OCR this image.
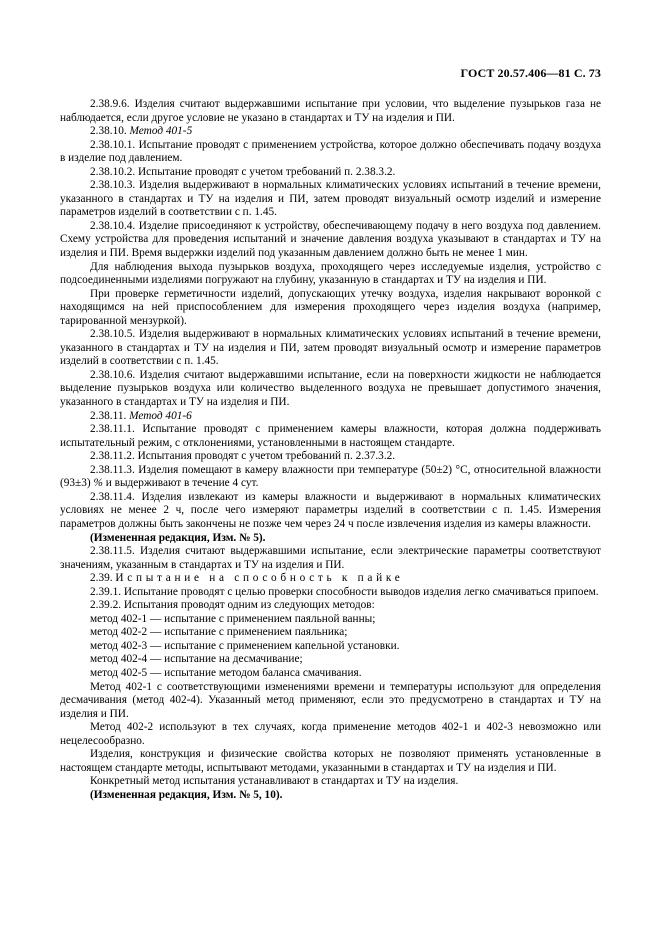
ГОСТ 20.57.406—81 С. 73

2.38.9.6. Изделия считают выдержавшими испытание при условии, что выделение пузырьков газа не наблюдается, если другое условие не указано в стандартах и ТУ на изделия и ПИ.

2.38.10. Метод 401-5

2.38.10.1. Испытание проводят с применением устройства, которое должно обеспечивать подачу воздуха в изделие под давлением.

2.38.10.2. Испытание проводят с учетом требований п. 2.38.3.2.

2.38.10.3. Изделия выдерживают в нормальных климатических условиях испытаний в течение времени, указанного в стандартах и ТУ на изделия и ПИ, затем проводят визуальный осмотр изделий и измерение параметров изделий в соответствии с п. 1.45.

2.38.10.4. Изделие присоединяют к устройству, обеспечивающему подачу в него воздуха под давлением. Схему устройства для проведения испытаний и значение давления воздуха указывают в стандартах и ТУ на изделия и ПИ. Время выдержки изделий под указанным давлением должно быть не менее 1 мин.

Для наблюдения выхода пузырьков воздуха, проходящего через исследуемые изделия, устройство с подсоединенными изделиями погружают на глубину, указанную в стандартах и ТУ на изделия и ПИ.

При проверке герметичности изделий, допускающих утечку воздуха, изделия накрывают воронкой с находящимся на ней приспособлением для измерения проходящего через изделия воздуха (например, тарированной мензуркой).

2.38.10.5. Изделия выдерживают в нормальных климатических условиях испытаний в течение времени, указанного в стандартах и ТУ на изделия и ПИ, затем проводят визуальный осмотр и измерение параметров изделий в соответствии с п. 1.45.

2.38.10.6. Изделия считают выдержавшими испытание, если на поверхности жидкости не наблюдается выделение пузырьков воздуха или количество выделенного воздуха не превышает допустимого значения, указанного в стандартах и ТУ на изделия и ПИ.

2.38.11. Метод 401-6

2.38.11.1. Испытание проводят с применением камеры влажности, которая должна поддерживать испытательный режим, с отклонениями, установленными в настоящем стандарте.

2.38.11.2. Испытания проводят с учетом требований п. 2.37.3.2.

2.38.11.3. Изделия помещают в камеру влажности при температуре (50±2) °С, относительной влажности (93±3) % и выдерживают в течение 4 сут.

2.38.11.4. Изделия извлекают из камеры влажности и выдерживают в нормальных климатических условиях не менее 2 ч, после чего измеряют параметры изделий в соответствии с п. 1.45. Измерения параметров должны быть закончены не позже чем через 24 ч после извлечения изделия из камеры влажности.

(Измененная редакция, Изм. № 5).

2.38.11.5. Изделия считают выдержавшими испытание, если электрические параметры соответствуют значениям, указанным в стандартах и ТУ на изделия и ПИ.

2.39. Испытание на способность к пайке

2.39.1. Испытание проводят с целью проверки способности выводов изделия легко смачиваться припоем.

2.39.2. Испытания проводят одним из следующих методов:

метод 402-1 — испытание с применением паяльной ванны;

метод 402-2 — испытание с применением паяльника;

метод 402-3 — испытание с применением капельной установки.

метод 402-4 — испытание на десмачивание;

метод 402-5 — испытание методом баланса смачивания.

Метод 402-1 с соответствующими изменениями времени и температуры используют для определения десмачивания (метод 402-4). Указанный метод применяют, если это предусмотрено в стандартах и ТУ на изделия и ПИ.

Метод 402-2 используют в тех случаях, когда применение методов 402-1 и 402-3 невозможно или нецелесообразно.

Изделия, конструкция и физические свойства которых не позволяют применять установленные в настоящем стандарте методы, испытывают методами, указанными в стандартах и ТУ на изделия и ПИ.

Конкретный метод испытания устанавливают в стандартах и ТУ на изделия.

(Измененная редакция, Изм. № 5, 10).
